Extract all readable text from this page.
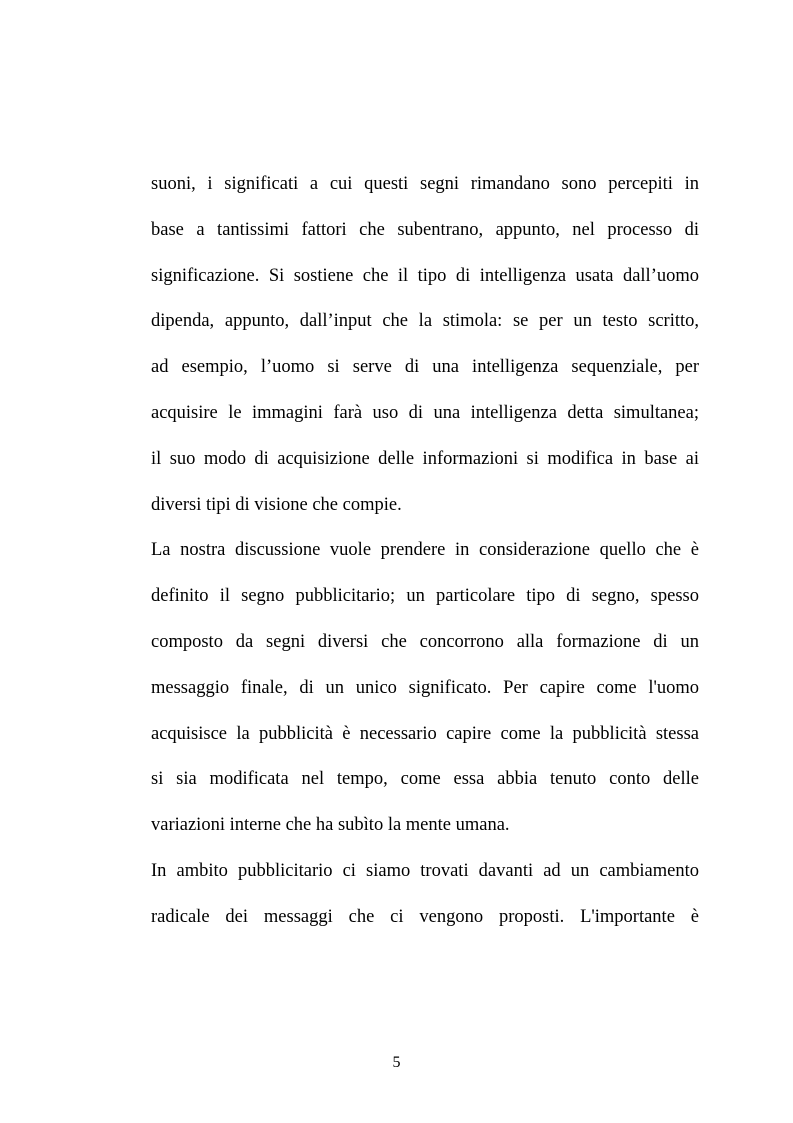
suoni, i significati a cui questi segni rimandano sono percepiti in
base a tantissimi fattori che subentrano, appunto, nel processo di
significazione. Si sostiene che il tipo di intelligenza usata dall’uomo
dipenda, appunto, dall’input che la stimola: se per un testo scritto,
ad esempio, l’uomo si serve di una intelligenza sequenziale, per
acquisire le immagini farà uso di una intelligenza detta simultanea;
il suo modo di acquisizione delle informazioni si modifica in base ai
diversi tipi di visione che compie.
La nostra discussione vuole prendere in considerazione quello che è
definito il segno pubblicitario; un particolare tipo di segno, spesso
composto da segni diversi che concorrono alla formazione di un
messaggio finale, di un unico significato. Per capire come l'uomo
acquisisce la pubblicità è necessario capire come la pubblicità stessa
si sia modificata nel tempo, come essa abbia tenuto conto delle
variazioni interne che ha subìto la mente umana.
In ambito pubblicitario ci siamo trovati davanti ad un cambiamento
radicale dei messaggi che ci vengono proposti. L'importante è
5
